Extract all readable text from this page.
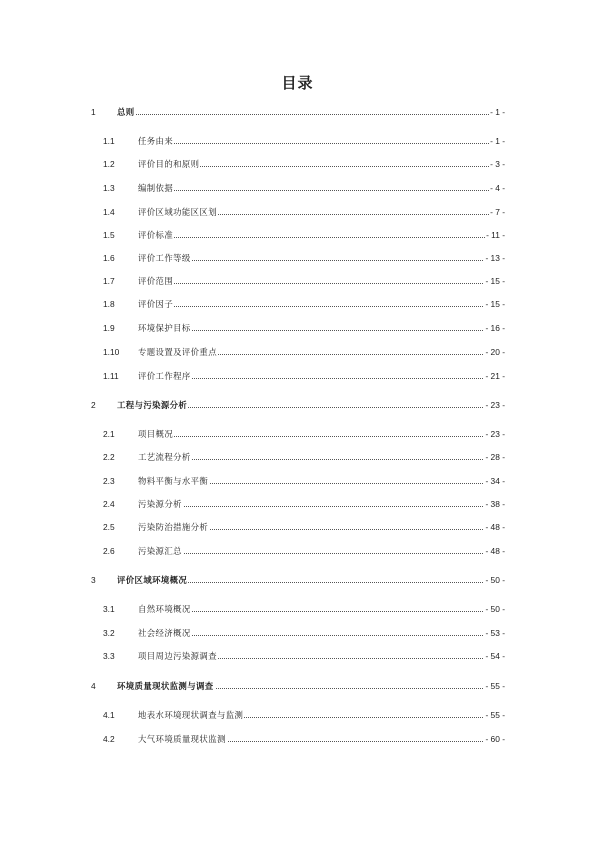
目录
1	总则	- 1 -
1.1	任务由来	- 1 -
1.2	评价目的和原则	- 3 -
1.3	编制依据	- 4 -
1.4	评价区域功能区区划	- 7 -
1.5	评价标准	- 11 -
1.6	评价工作等级	- 13 -
1.7	评价范围	- 15 -
1.8	评价因子	- 15 -
1.9	环境保护目标	- 16 -
1.10 专题设置及评价重点	- 20 -
1.11 评价工作程序	- 21 -
2	工程与污染源分析	- 23 -
2.1	项目概况	- 23 -
2.2	工艺流程分析	- 28 -
2.3	物料平衡与水平衡	- 34 -
2.4	污染源分析	- 38 -
2.5	污染防治措施分析	- 48 -
2.6	污染源汇总	- 48 -
3	评价区域环境概况	- 50 -
3.1	自然环境概况	- 50 -
3.2	社会经济概况	- 53 -
3.3	项目周边污染源调查	- 54 -
4	环境质量现状监测与调查	- 55 -
4.1	地表水环境现状调查与监测	- 55 -
4.2	大气环境质量现状监测	- 60 -
